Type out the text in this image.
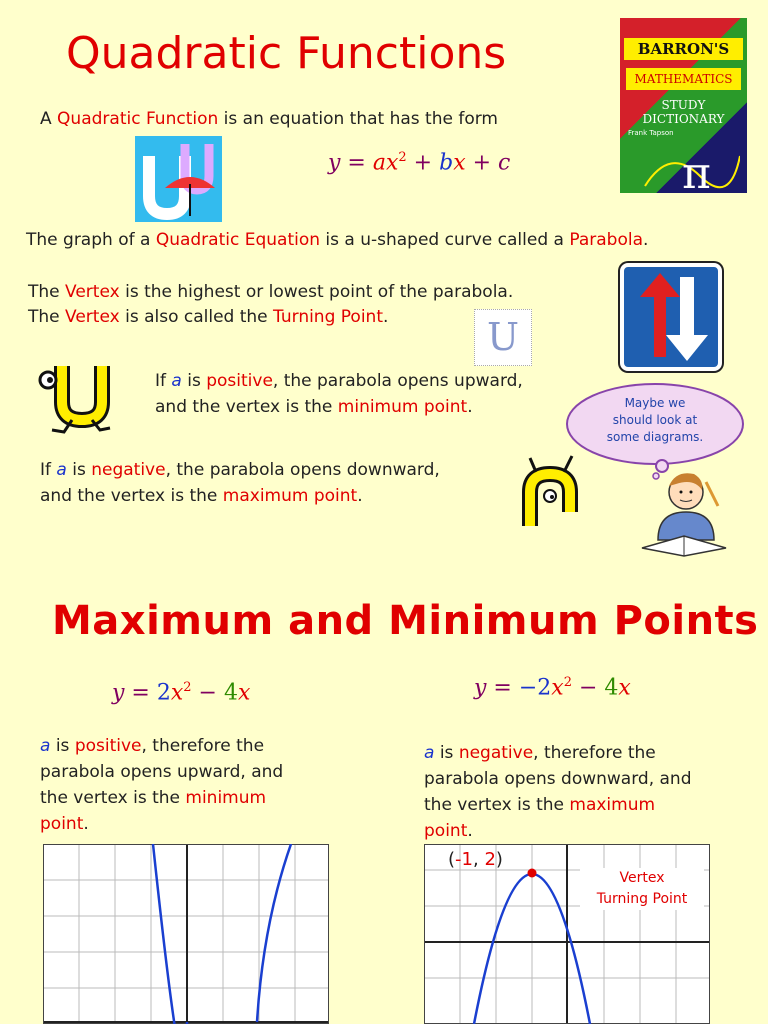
Quadratic Functions	BARRON'S
MATHEMATICS
STUDY
DICTIONARY
Frank Tapson
π
A Quadratic Function is an equation that has the form
$y = ax^2$ + bx + c
The graph of a Quadratic Equation is a u-shaped curve called a Parabola.
The Vertex is the highest or lowest point of the parabola.
The Vertex is also called the Turning Point.	U
If a is positive, the parabola opens upward,
and the vertex is the minimum point.	Maybe we
should look at
some diagrams.
If a is negative, the parabola opens downward,
and the vertex is the maximum point.
Maximum and Minimum Points
$y = 2x^2 - 4x$	$y = -2x^2 - 4x$
a is positive, therefore the
parabola opens upward, and
the vertex is the minimum
point.
a is negative, therefore the
parabola opens downward, and
the vertex is the maximum
point.
(-1, 2)
Vertex
Turning Point
